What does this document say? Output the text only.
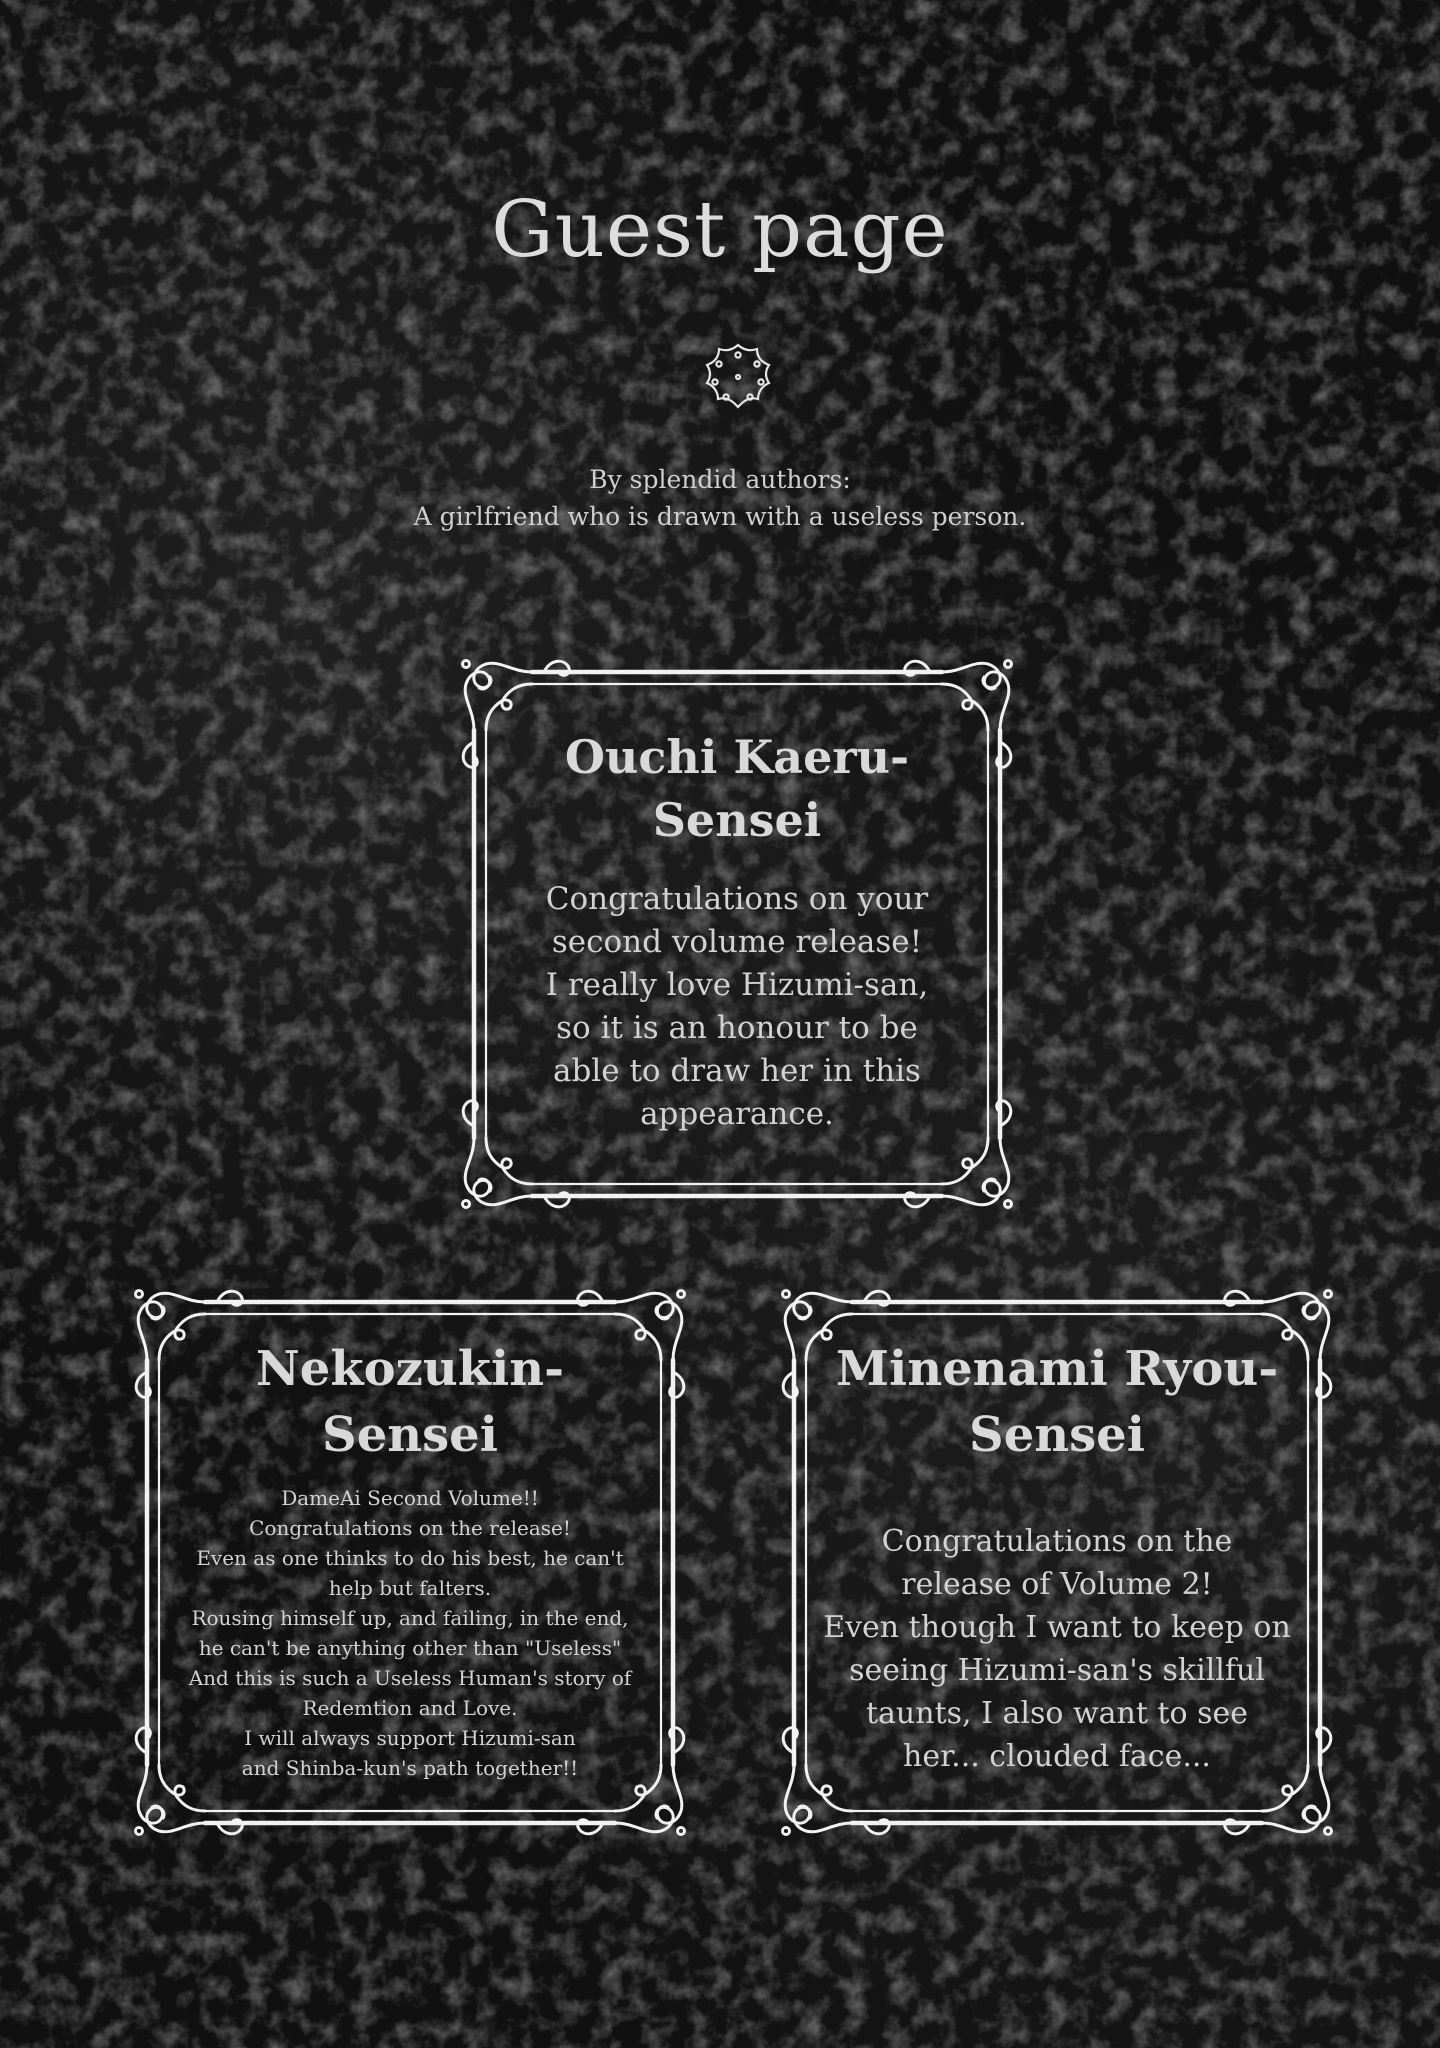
Guest page
By splendid authors:
A girlfriend who is drawn with a useless person.
Ouchi Kaeru-
Sensei
Congratulations on your
second volume release!
I really love Hizumi-san,
so it is an honour to be
able to draw her in this
appearance.
Nekozukin-
Sensei
DameAi Second Volume!!
Congratulations on the release!
Even as one thinks to do his best, he can't
help but falters.
Rousing himself up, and failing, in the end,
he can't be anything other than "Useless"
And this is such a Useless Human's story of
Redemtion and Love.
I will always support Hizumi-san
and Shinba-kun's path together!!
Minenami Ryou-
Sensei
Congratulations on the
release of Volume 2!
Even though I want to keep on
seeing Hizumi-san's skillful
taunts, I also want to see
her... clouded face...
